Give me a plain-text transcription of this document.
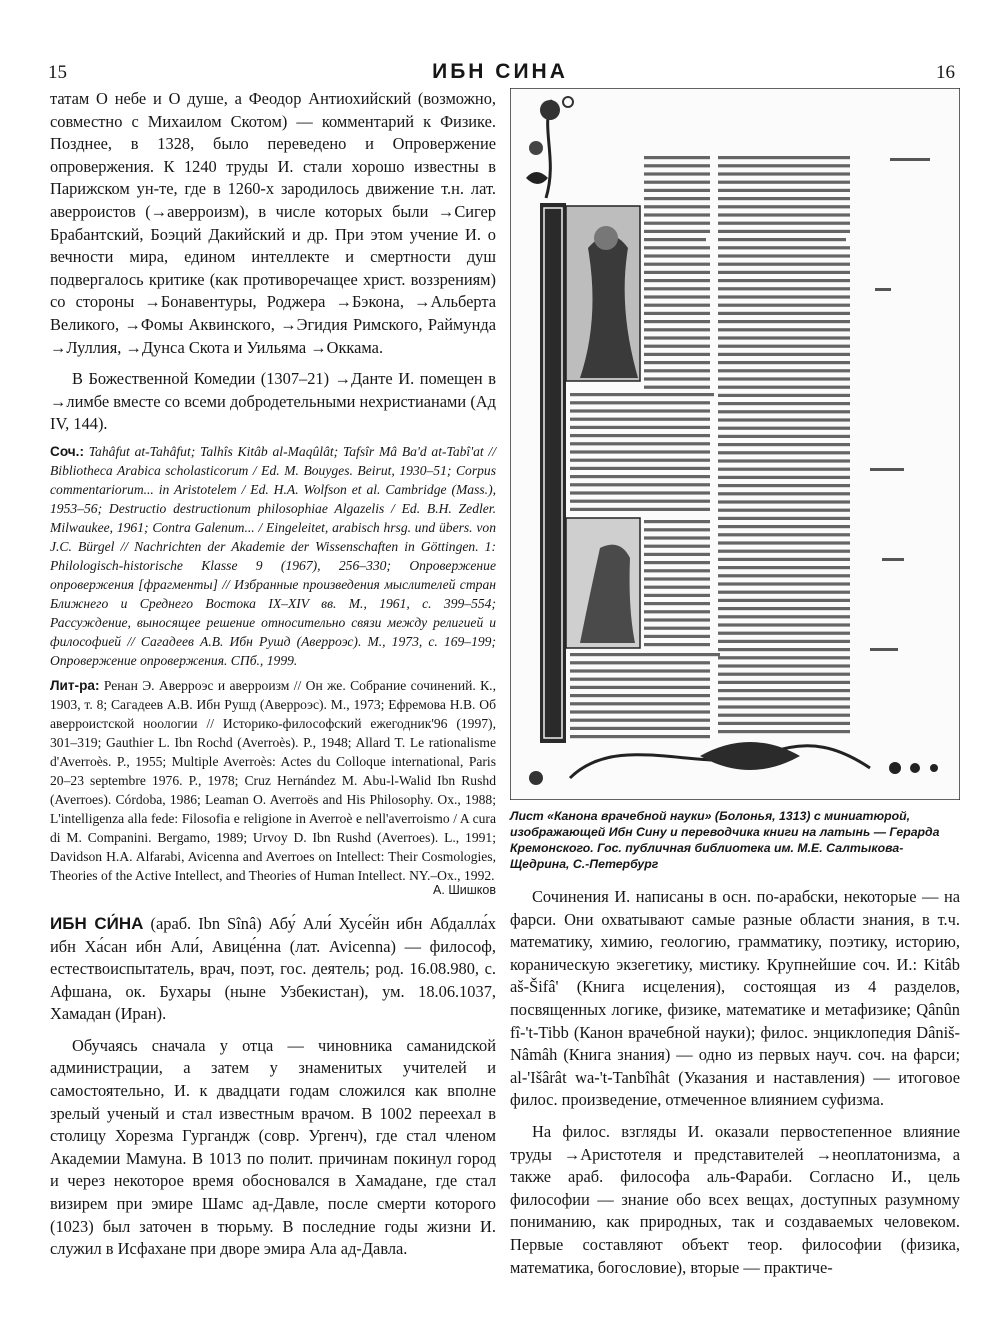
15	ИБН СИНА	16

татам О небе и О душе, а Феодор Антиохийский (возможно, совместно с Михаилом Скотом) — комментарий к Физике. Позднее, в 1328, было переведено и Опровержение опровержения. К 1240 труды И. стали хорошо известны в Парижском ун-те, где в 1260-х зародилось движение т.н. лат. аверроистов (→аверроизм), в числе которых были →Сигер Брабантский, Боэций Дакийский и др. При этом учение И. о вечности мира, едином интеллекте и смертности душ подвергалось критике (как противоречащее христ. воззрениям) со стороны →Бонавентуры, Роджера →Бэкона, →Альберта Великого, →Фомы Аквинского, →Эгидия Римского, Раймунда →Луллия, →Дунса Скота и Уильяма →Оккама.

В Божественной Комедии (1307–21) →Данте И. помещен в →лимбе вместе со всеми добродетельными нехристианами (Ад IV, 144).

Соч.: Tahâfut at-Tahâfut; Talhîs Kitâb al-Maqûlât; Tafsîr Mâ Ba'd at-Tabî'at // Bibliotheca Arabica scholasticorum / Ed. M. Bouyges. Beirut, 1930–51; Corpus commentariorum... in Aristotelem / Ed. H.A. Wolfson et al. Cambridge (Mass.), 1953–56; Destructio destructionum philosophiae Algazelis / Ed. B.H. Zedler. Milwaukee, 1961; Contra Galenum... / Eingeleitet, arabisch hrsg. und übers. von J.C. Bürgel // Nachrichten der Akademie der Wissenschaften in Göttingen. 1: Philologisch-historische Klasse 9 (1967), 256–330; Опровержение опровержения [фрагменты] // Избранные произведения мыслителей стран Ближнего и Среднего Востока IX–XIV вв. М., 1961, с. 399–554; Рассуждение, выносящее решение относительно связи между религией и философией // Сагадеев А.В. Ибн Рушд (Аверроэс). М., 1973, с. 169–199; Опровержение опровержения. СПб., 1999.

Лит-ра: Ренан Э. Аверроэс и аверроизм // Он же. Собрание сочинений. К., 1903, т. 8; Сагадеев А.В. Ибн Рушд (Аверроэс). М., 1973; Ефремова Н.В. Об аверроистской ноологии // Историко-философский ежегодник'96 (1997), 301–319; Gauthier L. Ibn Rochd (Averroès). P., 1948; Allard T. Le rationalisme d'Averroès. P., 1955; Multiple Averroès: Actes du Colloque international, Paris 20–23 septembre 1976. P., 1978; Cruz Hernández M. Abu-l-Walid Ibn Rushd (Averroes). Córdoba, 1986; Leaman O. Averroës and His Philosophy. Ox., 1988; L'intelligenza alla fede: Filosofia e religione in Averroè e nell'averroismo / A cura di M. Companini. Bergamo, 1989; Urvoy D. Ibn Rushd (Averroes). L., 1991; Davidson H.A. Alfarabi, Avicenna and Averroes on Intellect: Their Cosmologies, Theories of the Active Intellect, and Theories of Human Intellect. NY.–Ox., 1992.

А. Шишков

ИБН СИ́НА (араб. Ibn Sînâ) Абу́ Али́ Хусе́йн ибн Абдалла́х ибн Ха́сан ибн Али́, Авице́нна (лат. Avicenna) — философ, естествоиспытатель, врач, поэт, гос. деятель; род. 16.08.980, с. Афшана, ок. Бухары (ныне Узбекистан), ум. 18.06.1037, Хамадан (Иран).

Обучаясь сначала у отца — чиновника саманидской администрации, а затем у знаменитых учителей и самостоятельно, И. к двадцати годам сложился как вполне зрелый ученый и стал известным врачом. В 1002 переехал в столицу Хорезма Гургандж (совр. Ургенч), где стал членом Академии Мамуна. В 1013 по полит. причинам покинул город и через некоторое время обосновался в Хамадане, где стал визирем при эмире Шамс ад-Давле, после смерти которого (1023) был заточен в тюрьму. В последние годы жизни И. служил в Исфахане при дворе эмира Ала ад-Давла.

Лист «Канона врачебной науки» (Болонья, 1313) с миниатюрой, изображающей Ибн Сину и переводчика книги на латынь — Герарда Кремонского. Гос. публичная библиотека им. М.Е. Салтыкова-Щедрина, С.-Петербург

Сочинения И. написаны в осн. по-арабски, некоторые — на фарси. Они охватывают самые разные области знания, в т.ч. математику, химию, геологию, грамматику, поэтику, историю, кораническую экзегетику, мистику. Крупнейшие соч. И.: Kitâb aš-Šifâ' (Книга исцеления), состоящая из 4 разделов, посвященных логике, физике, математике и метафизике; Qânûn fî-'t-Tibb (Канон врачебной науки); филос. энциклопедия Dâniš-Nâmâh (Книга знания) — одно из первых науч. соч. на фарси; al-'Išârât wa-'t-Tanbîhât (Указания и наставления) — итоговое филос. произведение, отмеченное влиянием суфизма.

На филос. взгляды И. оказали первостепенное влияние труды →Аристотеля и представителей →неоплатонизма, а также араб. философа аль-Фараби. Согласно И., цель философии — знание обо всех вещах, доступных разумному пониманию, как природных, так и создаваемых человеком. Первые составляют объект теор. философии (физика, математика, богословие), вторые — практиче-
